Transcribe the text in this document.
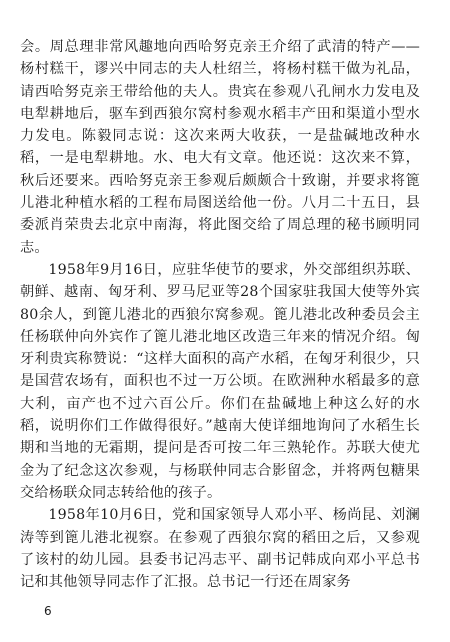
会。周总理非常风趣地向西哈努克亲王介绍了武清的特产——杨村糕干，谬兴中同志的夫人杜绍兰，将杨村糕干做为礼品，请西哈努克亲王带给他的夫人。贵宾在参观八孔闸水力发电及电犁耕地后，驱车到西狼尔窝村参观水稻丰产田和渠道小型水力发电。陈毅同志说：这次来两大收获，一是盐碱地改种水稻，一是电犁耕地。水、电大有文章。他还说：这次来不算，秋后还要来。西哈努克亲王参观后颇颇合十致谢，并要求将篦儿港北种植水稻的工程布局图送给他一份。八月二十五日，县委派肖荣贵去北京中南海，将此图交给了周总理的秘书顾明同志。

1958年9月16日，应驻华使节的要求，外交部组织苏联、朝鲜、越南、匈牙利、罗马尼亚等28个国家驻我国大使等外宾80余人，到篦儿港北的西狼尔窝参观。篦儿港北改种委员会主任杨联仲向外宾作了篦儿港北地区改造三年来的情况介绍。匈牙利贵宾称赞说：“这样大面积的高产水稻，在匈牙利很少，只是国营农场有，面积也不过一万公顷。在欧洲种水稻最多的意大利，亩产也不过六百公斤。你们在盐碱地上种这么好的水稻，说明你们工作做得很好。”越南大使详细地询问了水稻生长期和当地的无霜期，提问是否可按二年三熟轮作。苏联大使尤金为了纪念这次参观，与杨联仲同志合影留念，并将两包糖果交给杨联众同志转给他的孩子。

1958年10月6日，党和国家领导人邓小平、杨尚昆、刘澜涛等到篦儿港北视察。在参观了西狼尔窝的稻田之后，又参观了该村的幼儿园。县委书记冯志平、副书记韩成向邓小平总书记和其他领导同志作了汇报。总书记一行还在周家务

6
